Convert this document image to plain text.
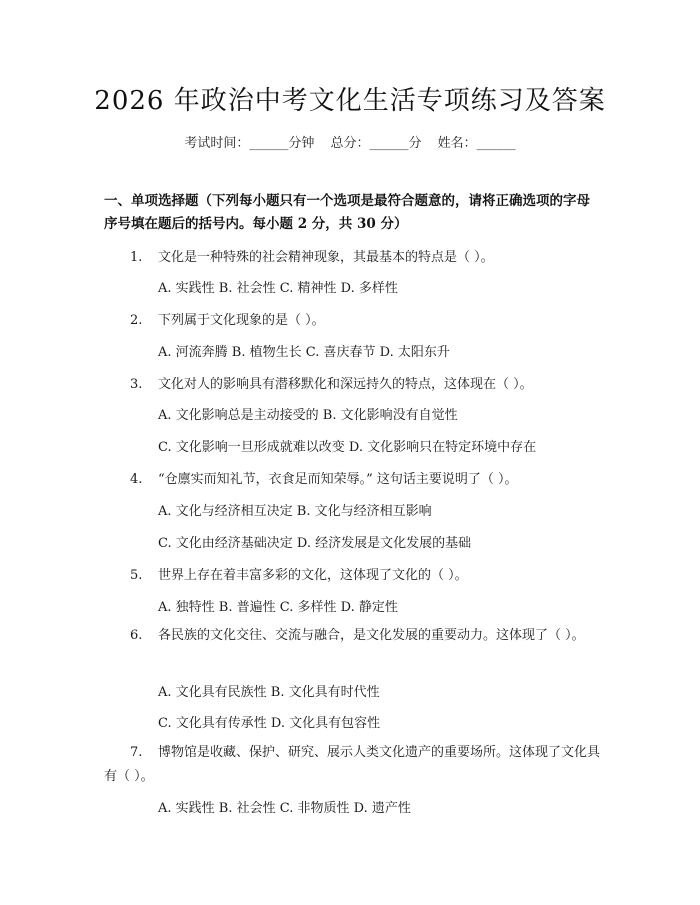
2026 年政治中考文化生活专项练习及答案
考试时间：______分钟 总分：______分 姓名：______
一、单项选择题（下列每小题只有一个选项是最符合题意的，请将正确选项的字母序号填在题后的括号内。每小题 2 分，共 30 分）
1. 文化是一种特殊的社会精神现象，其最基本的特点是（ ）。
A. 实践性 B. 社会性 C. 精神性 D. 多样性
2. 下列属于文化现象的是（ ）。
A. 河流奔腾 B. 植物生长 C. 喜庆春节 D. 太阳东升
3. 文化对人的影响具有潜移默化和深远持久的特点，这体现在（ ）。
A. 文化影响总是主动接受的 B. 文化影响没有自觉性
C. 文化影响一旦形成就难以改变 D. 文化影响只在特定环境中存在
4. “仓廪实而知礼节，衣食足而知荣辱。” 这句话主要说明了（ ）。
A. 文化与经济相互决定 B. 文化与经济相互影响
C. 文化由经济基础决定 D. 经济发展是文化发展的基础
5. 世界上存在着丰富多彩的文化，这体现了文化的（ ）。
A. 独特性 B. 普遍性 C. 多样性 D. 静定性
6. 各民族的文化交往、交流与融合，是文化发展的重要动力。这体现了（ ）。
A. 文化具有民族性 B. 文化具有时代性
C. 文化具有传承性 D. 文化具有包容性
7. 博物馆是收藏、保护、研究、展示人类文化遗产的重要场所。这体现了文化具有（ ）。
A. 实践性 B. 社会性 C. 非物质性 D. 遗产性
